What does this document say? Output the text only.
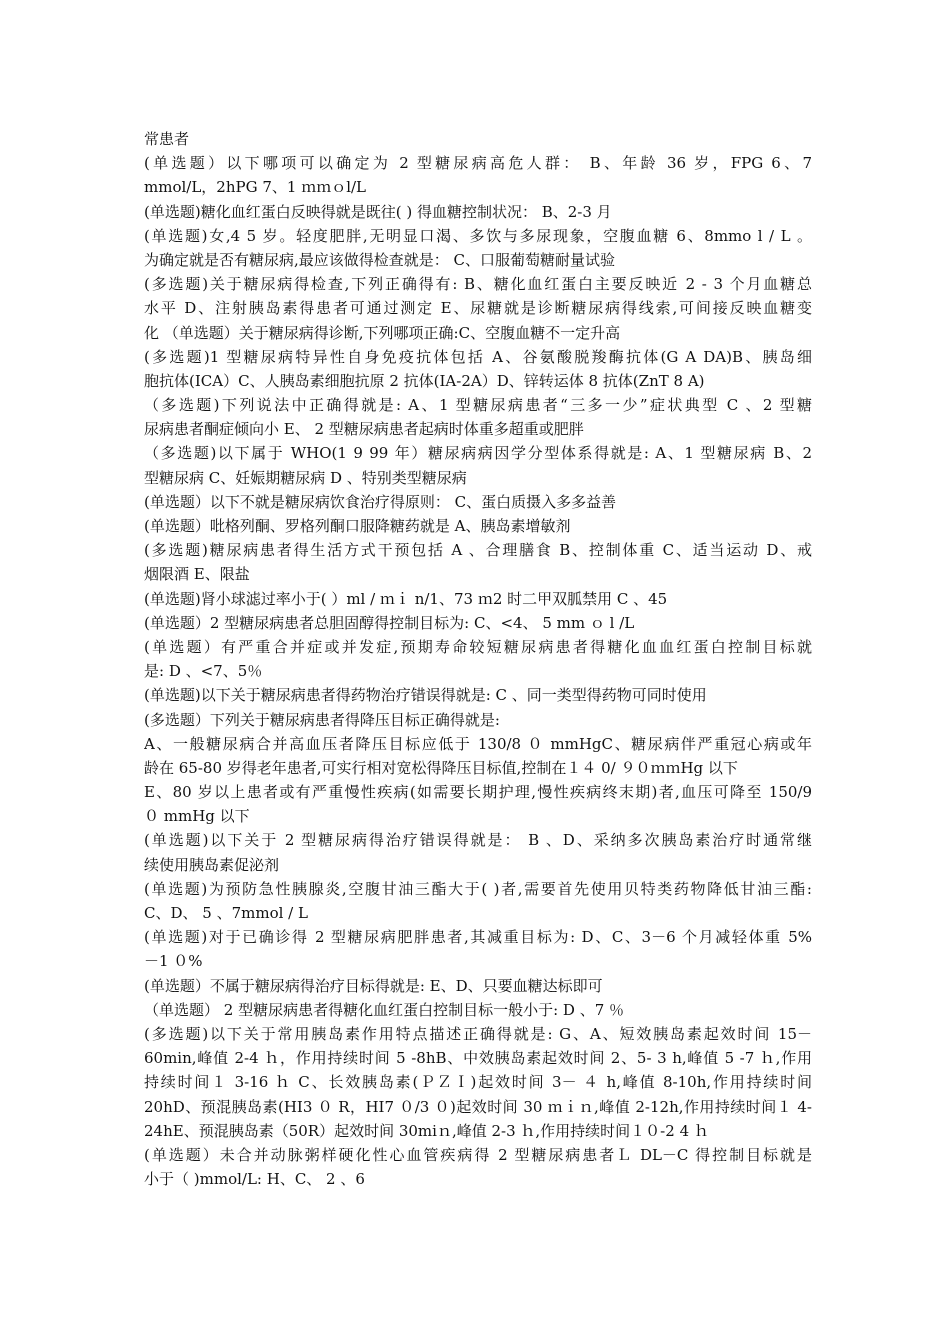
常患者
(单选题）以下哪项可以确定为 2 型糖尿病高危人群： B、年龄 36 岁，FPG 6、7
mmol/L，2hPG 7、1 ｍｍｏl/L
(单选题)糖化血红蛋白反映得就是既往( ) 得血糖控制状况： B、2-3 月
(单选题)女,4 5 岁。轻度肥胖,无明显口渴、多饮与多尿现象，空腹血糖 6、8mmo l / L 。
为确定就是否有糖尿病,最应该做得检查就是： C、口服葡萄糖耐量试验
(多选题)关于糖尿病得检查,下列正确得有: B、糖化血红蛋白主要反映近 2 - 3 个月血糖总
水平 D、注射胰岛素得患者可通过测定 E、尿糖就是诊断糖尿病得线索,可间接反映血糖变
化 （单选题）关于糖尿病得诊断,下列哪项正确:C、空腹血糖不一定升高
(多选题)1 型糖尿病特异性自身免疫抗体包括 A、谷氨酸脱羧酶抗体(G A DA)B、胰岛细
胞抗体(ICA）C、人胰岛素细胞抗原 2 抗体(IA-2A）D、锌转运体 8 抗体(ZnT 8 A)
（多选题)下列说法中正确得就是: A、1 型糖尿病患者“三多一少”症状典型 C 、2 型糖
尿病患者酮症倾向小 E、 2 型糖尿病患者起病时体重多超重或肥胖
（多选题)以下属于 WHO(1 9 99 年）糖尿病病因学分型体系得就是: A、1 型糖尿病 B、2
型糖尿病 C、妊娠期糖尿病 D 、特别类型糖尿病
(单选题）以下不就是糖尿病饮食治疗得原则： C、蛋白质摄入多多益善
(单选题）吡格列酮、罗格列酮口服降糖药就是 A、胰岛素增敏剂
(多选题)糖尿病患者得生活方式干预包括 A 、合理膳食 B、控制体重 C、适当运动 D、戒
烟限酒 E、限盐
(单选题)肾小球滤过率小于( ）ml / ｍｉ n/1、73 ｍ2 时二甲双胍禁用 C 、45
(单选题）2 型糖尿病患者总胆固醇得控制目标为: C、<4、 5 mm ｏ l /L
(单选题）有严重合并症或并发症,预期寿命较短糖尿病患者得糖化血血红蛋白控制目标就
是: D 、<7、5％
(单选题)以下关于糖尿病患者得药物治疗错误得就是: C 、同一类型得药物可同时使用
(多选题）下列关于糖尿病患者得降压目标正确得就是:
A、一般糖尿病合并高血压者降压目标应低于 130/8 ０ mmHgC、糖尿病伴严重冠心病或年
龄在 65-80 岁得老年患者,可实行相对宽松得降压目标值,控制在１４ 0/ ９０ｍｍHg 以下
E、80 岁以上患者或有严重慢性疾病(如需要长期护理,慢性疾病终末期)者,血压可降至 150/9
０ mmHg 以下
(单选题)以下关于 2 型糖尿病得治疗错误得就是： B 、D、采纳多次胰岛素治疗时通常继
续使用胰岛素促泌剂
(单选题)为预防急性胰腺炎,空腹甘油三酯大于( )者,需要首先使用贝特类药物降低甘油三酯:
C、D、 5 、7mmol / L
(单选题)对于已确诊得 2 型糖尿病肥胖患者,其减重目标为: D、C、3－6 个月减轻体重 5%
－1 ０%
(单选题）不属于糖尿病得治疗目标得就是: E、D、只要血糖达标即可
（单选题） 2 型糖尿病患者得糖化血红蛋白控制目标一般小于: D 、7 ％
(多选题)以下关于常用胰岛素作用特点描述正确得就是: G、A、短效胰岛素起效时间 15－
60min,峰值 2-4 ｈ，作用持续时间 5 -8hB、中效胰岛素起效时间 2、5- 3 h,峰值 5 -7 ｈ,作用
持续时间１ 3-16 ｈ C、长效胰岛素(ＰＺＩ)起效时间 3－ ４ h,峰值 8-10h,作用持续时间
20hD、预混胰岛素(HI3 ０ R，HI7 ０/3 ０)起效时间 30 ｍｉｎ,峰值 2-12h,作用持续时间１ 4-
24hE、预混胰岛素（50R）起效时间 30miｎ,峰值 2-3 ｈ,作用持续时间１０-2 4 ｈ
(单选题）未合并动脉粥样硬化性心血管疾病得 2 型糖尿病患者Ｌ DL－C 得控制目标就是
小于（ )mmol/L: H、C、 2 、6
